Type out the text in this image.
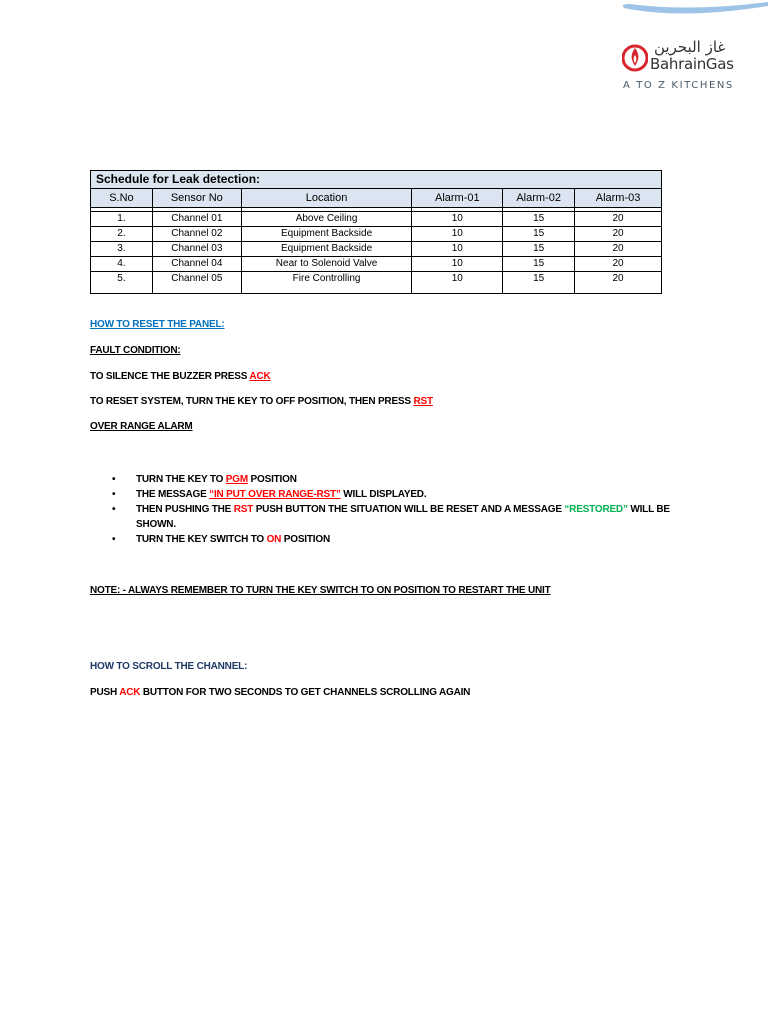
غاز البحرين
BahrainGas
A TO Z KITCHENS
Schedule for Leak detection:					
S.No	Sensor No	Location	Alarm-01	Alarm-02	Alarm-03

1.	Channel 01	Above Ceiling	10	15	20
2.	Channel 02	Equipment Backside	10	15	20
3.	Channel 03	Equipment Backside	10	15	20
4.	Channel 04	Near to Solenoid Valve	10	15	20
5.	Channel 05	Fire Controlling	10	15	20
HOW TO RESET THE PANEL:
FAULT CONDITION:
TO SILENCE THE BUZZER PRESS ACK
TO RESET SYSTEM, TURN THE KEY TO OFF POSITION, THEN PRESS RST
OVER RANGE ALARM
• TURN THE KEY TO PGM POSITION
• THE MESSAGE “IN PUT OVER RANGE-RST” WILL DISPLAYED.
• THEN PUSHING THE RST PUSH BUTTON THE SITUATION WILL BE RESET AND A MESSAGE “RESTORED” WILL BE
SHOWN.
• TURN THE KEY SWITCH TO ON POSITION
NOTE: - ALWAYS REMEMBER TO TURN THE KEY SWITCH TO ON POSITION TO RESTART THE UNIT
HOW TO SCROLL THE CHANNEL:
PUSH ACK BUTTON FOR TWO SECONDS TO GET CHANNELS SCROLLING AGAIN
